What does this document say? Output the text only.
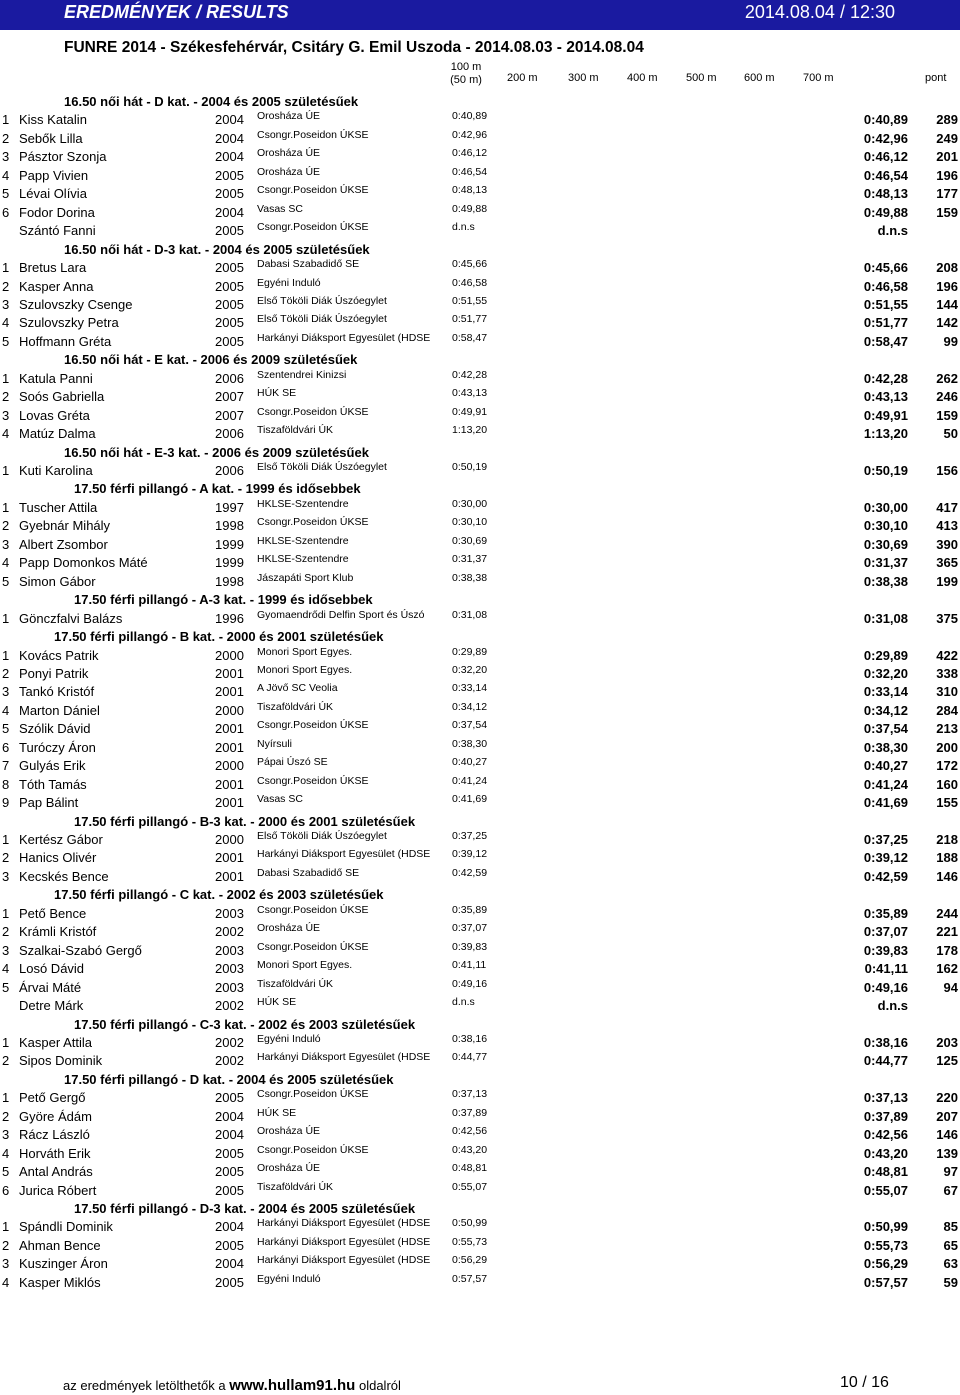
EREDMÉNYEK / RESULTS	2014.08.04 / 12:30
FUNRE 2014 - Székesfehérvár, Csitáry G. Emil Uszoda - 2014.08.03 - 2014.08.04
100 m
(50 m)	200 m	300 m	400 m	500 m 600 m	700 m	pont
16.50 női hát - D kat. - 2004 és 2005 születésűek
1 Kiss Katalin	2004 Orosháza ÚE	0:40,89	0:40,89 289
2 Sebők Lilla	2004 Csongr.Poseidon ÚKSE	0:42,96	0:42,96 249
3 Pásztor Szonja	2004 Orosháza ÚE	0:46,12	0:46,12 201
4 Papp Vivien	2005 Orosháza ÚE	0:46,54	0:46,54 196
5 Lévai Olívia	2005 Csongr.Poseidon ÚKSE	0:48,13	0:48,13 177
6 Fodor Dorina	2004 Vasas SC	0:49,88	0:49,88 159
Szántó Fanni	2005 Csongr.Poseidon ÚKSE	d.n.s	d.n.s
16.50 női hát - D-3 kat. - 2004 és 2005 születésűek
1 Bretus Lara	2005 Dabasi Szabadidő SE	0:45,66	0:45,66 208
2 Kasper Anna	2005 Egyéni Induló	0:46,58	0:46,58 196
3 Szulovszky Csenge	2005 Első Tököli Diák Úszóegylet	0:51,55	0:51,55 144
4 Szulovszky Petra	2005 Első Tököli Diák Úszóegylet	0:51,77	0:51,77 142
5 Hoffmann Gréta	2005 Harkányi Diáksport Egyesület (HDSE	0:58,47	0:58,47	99
16.50 női hát - E kat. - 2006 és 2009 születésűek
1 Katula Panni	2006 Szentendrei Kinizsi	0:42,28	0:42,28 262
2 Soós Gabriella	2007 HÚK SE	0:43,13	0:43,13 246
3 Lovas Gréta	2007 Csongr.Poseidon ÚKSE	0:49,91	0:49,91 159
4 Matúz Dalma	2006 Tiszaföldvári ÚK	1:13,20	1:13,20	50
16.50 női hát - E-3 kat. - 2006 és 2009 születésűek
1 Kuti Karolina	2006 Első Tököli Diák Úszóegylet	0:50,19	0:50,19 156
17.50 férfi pillangó - A kat. - 1999 és idősebbek
1 Tuscher Attila	1997 HKLSE-Szentendre	0:30,00	0:30,00 417
2 Gyebnár Mihály	1998 Csongr.Poseidon ÚKSE	0:30,10	0:30,10 413
3 Albert Zsombor	1999 HKLSE-Szentendre	0:30,69	0:30,69 390
4 Papp Domonkos Máté	1999 HKLSE-Szentendre	0:31,37	0:31,37 365
5 Simon Gábor	1998 Jászapáti Sport Klub	0:38,38	0:38,38 199
17.50 férfi pillangó - A-3 kat. - 1999 és idősebbek
1 Gönczfalvi Balázs	1996 Gyomaendrődi Delfin Sport és Úszó	0:31,08	0:31,08 375
17.50 férfi pillangó - B kat. - 2000 és 2001 születésűek
1 Kovács Patrik	2000 Monori Sport Egyes.	0:29,89	0:29,89 422
2 Ponyi Patrik	2001 Monori Sport Egyes.	0:32,20	0:32,20 338
3 Tankó Kristóf	2001 A Jövő SC Veolia	0:33,14	0:33,14 310
4 Marton Dániel	2000 Tiszaföldvári ÚK	0:34,12	0:34,12 284
5 Szólik Dávid	2001 Csongr.Poseidon ÚKSE	0:37,54	0:37,54 213
6 Turóczy Áron	2001 Nyírsuli	0:38,30	0:38,30 200
7 Gulyás Erik	2000 Pápai Úszó SE	0:40,27	0:40,27 172
8 Tóth Tamás	2001 Csongr.Poseidon ÚKSE	0:41,24	0:41,24 160
9 Pap Bálint	2001 Vasas SC	0:41,69	0:41,69 155
17.50 férfi pillangó - B-3 kat. - 2000 és 2001 születésűek
1 Kertész Gábor	2000 Első Tököli Diák Úszóegylet	0:37,25	0:37,25 218
2 Hanics Olivér	2001 Harkányi Diáksport Egyesület (HDSE	0:39,12	0:39,12 188
3 Kecskés Bence	2001 Dabasi Szabadidő SE	0:42,59	0:42,59 146
17.50 férfi pillangó - C kat. - 2002 és 2003 születésűek
1 Pető Bence	2003 Csongr.Poseidon ÚKSE	0:35,89	0:35,89 244
2 Krámli Kristóf	2002 Orosháza ÚE	0:37,07	0:37,07 221
3 Szalkai-Szabó Gergő	2003 Csongr.Poseidon ÚKSE	0:39,83	0:39,83 178
4 Losó Dávid	2003 Monori Sport Egyes.	0:41,11	0:41,11 162
5 Árvai Máté	2003 Tiszaföldvári ÚK	0:49,16	0:49,16	94
Detre Márk	2002 HÚK SE	d.n.s	d.n.s
17.50 férfi pillangó - C-3 kat. - 2002 és 2003 születésűek
1 Kasper Attila	2002 Egyéni Induló	0:38,16	0:38,16 203
2 Sipos Dominik	2002 Harkányi Diáksport Egyesület (HDSE	0:44,77	0:44,77 125
17.50 férfi pillangó - D kat. - 2004 és 2005 születésűek
1 Pető Gergő	2005 Csongr.Poseidon ÚKSE	0:37,13	0:37,13 220
2 Györe Ádám	2004 HÚK SE	0:37,89	0:37,89 207
3 Rácz László	2004 Orosháza ÚE	0:42,56	0:42,56 146
4 Horváth Erik	2005 Csongr.Poseidon ÚKSE	0:43,20	0:43,20 139
5 Antal András	2005 Orosháza ÚE	0:48,81	0:48,81	97
6 Jurica Róbert	2005 Tiszaföldvári ÚK	0:55,07	0:55,07	67
17.50 férfi pillangó - D-3 kat. - 2004 és 2005 születésűek
1 Spándli Dominik	2004 Harkányi Diáksport Egyesület (HDSE	0:50,99	0:50,99	85
2 Ahman Bence	2005 Harkányi Diáksport Egyesület (HDSE	0:55,73	0:55,73	65
3 Kuszinger Áron	2004 Harkányi Diáksport Egyesület (HDSE	0:56,29	0:56,29	63
4 Kasper Miklós	2005 Egyéni Induló	0:57,57	0:57,57	59
az eredmények letölthetők a www.hullam91.hu oldalról	10 / 16
